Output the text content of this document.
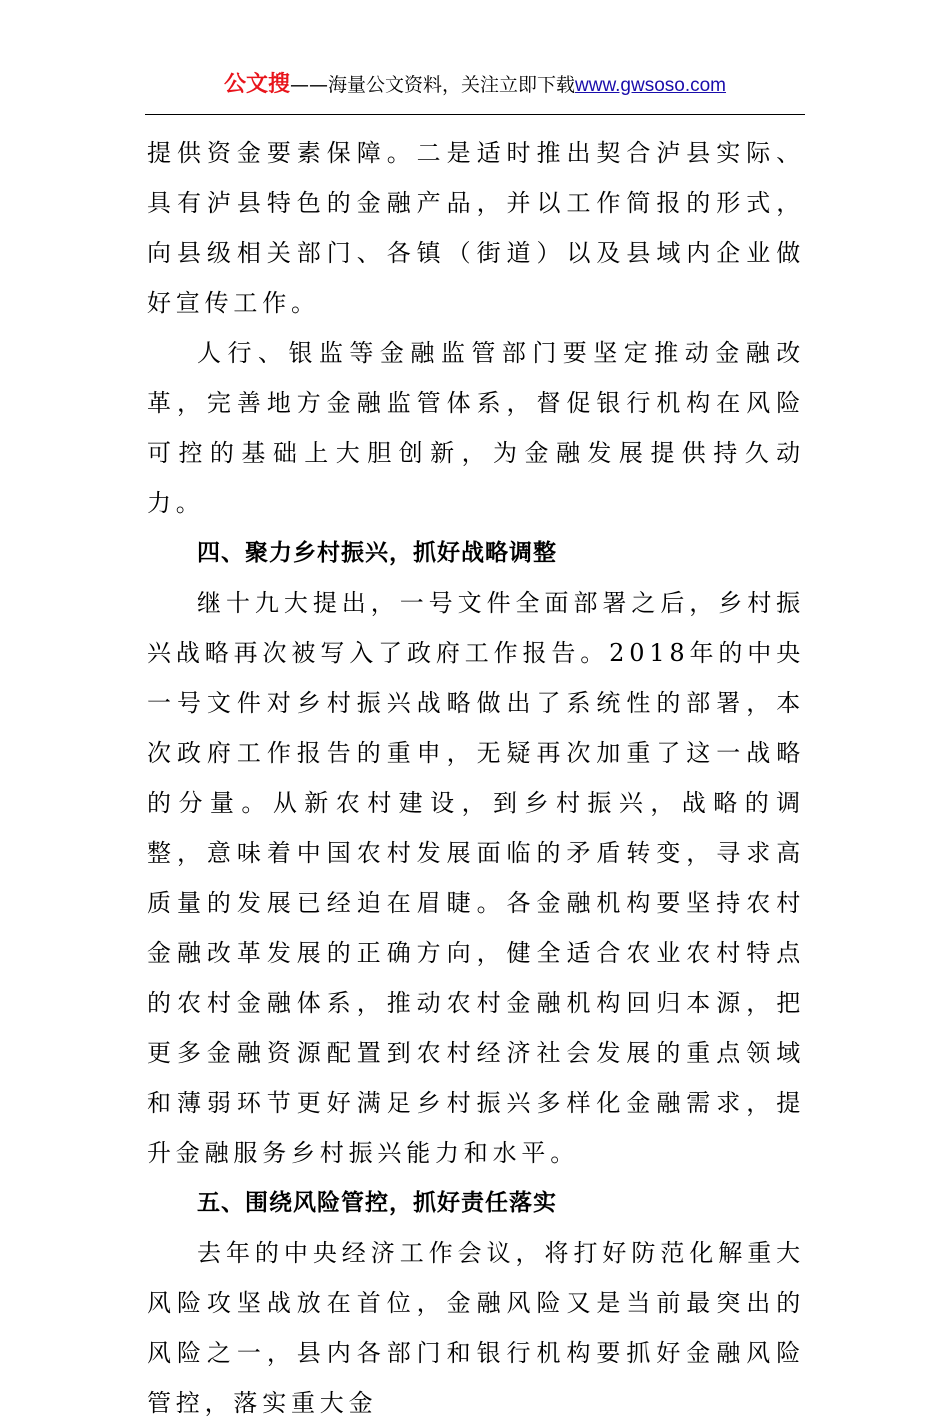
公文搜——海量公文资料，关注立即下载www.gwsoso.com

提供资金要素保障。二是适时推出契合泸县实际、具有泸县特色的金融产品，并以工作简报的形式，向县级相关部门、各镇（街道）以及县域内企业做好宣传工作。

人行、银监等金融监管部门要坚定推动金融改革，完善地方金融监管体系，督促银行机构在风险可控的基础上大胆创新，为金融发展提供持久动力。

四、聚力乡村振兴，抓好战略调整

继十九大提出，一号文件全面部署之后，乡村振兴战略再次被写入了政府工作报告。2018年的中央一号文件对乡村振兴战略做出了系统性的部署，本次政府工作报告的重申，无疑再次加重了这一战略的分量。从新农村建设，到乡村振兴，战略的调整，意味着中国农村发展面临的矛盾转变，寻求高质量的发展已经迫在眉睫。各金融机构要坚持农村金融改革发展的正确方向，健全适合农业农村特点的农村金融体系，推动农村金融机构回归本源，把更多金融资源配置到农村经济社会发展的重点领域和薄弱环节更好满足乡村振兴多样化金融需求，提升金融服务乡村振兴能力和水平。

五、围绕风险管控，抓好责任落实

去年的中央经济工作会议，将打好防范化解重大风险攻坚战放在首位，金融风险又是当前最突出的风险之一，县内各部门和银行机构要抓好金融风险管控，落实重大金
